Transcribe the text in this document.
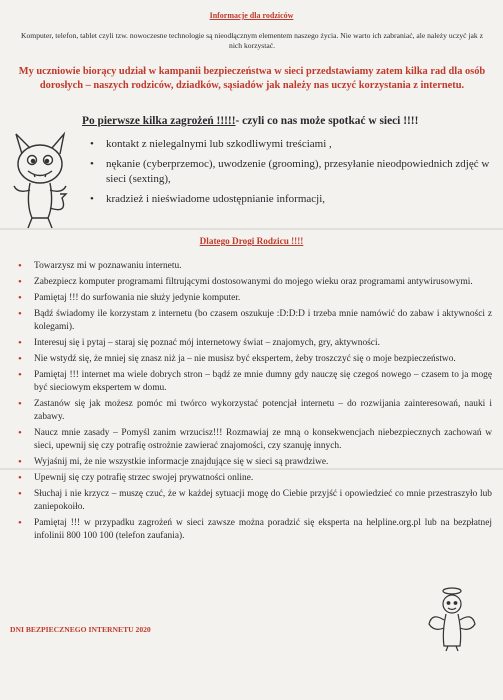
Informacje dla rodziców
Komputer, telefon, tablet czyli tzw. nowoczesne technologie są nieodłącznym elementem naszego życia. Nie warto ich zabraniać, ale należy uczyć jak z nich korzystać.
My uczniowie biorący udział w kampanii bezpieczeństwa w sieci przedstawiamy zatem kilka rad dla osób dorosłych – naszych rodziców, dziadków, sąsiadów jak należy nas uczyć korzystania z internetu.
Po pierwsze kilka zagrożeń !!!!!- czyli co nas może spotkać w sieci !!!!
• kontakt z nielegalnymi lub szkodliwymi treściami ,
• nękanie (cyberprzemoc), uwodzenie (grooming), przesyłanie nieodpowiednich zdjęć w sieci (sexting),
• kradzież i nieświadome udostępnianie informacji,
Dlatego Drogi Rodzicu !!!!
• Towarzysz mi w poznawaniu internetu.
• Zabezpiecz komputer programami filtrującymi dostosowanymi do mojego wieku oraz programami antywirusowymi.
• Pamiętaj !!! do surfowania nie służy jedynie komputer.
• Bądź świadomy ile korzystam z internetu (bo czasem oszukuje :D:D:D i trzeba mnie namówić do zabaw i aktywności z kolegami).
• Interesuj się i pytaj – staraj się poznać mój internetowy świat – znajomych, gry, aktywności.
• Nie wstydź się, że mniej się znasz niż ja – nie musisz być ekspertem, żeby troszczyć się o moje bezpieczeństwo.
• Pamiętaj !!! internet ma wiele dobrych stron – bądź ze mnie dumny gdy nauczę się czegoś nowego – czasem to ja mogę być sieciowym ekspertem w domu.
• Zastanów się jak możesz pomóc mi twórco wykorzystać potencjał internetu – do rozwijania zainteresowań, nauki i zabawy.
• Naucz mnie zasady – Pomyśl zanim wrzucisz!!! Rozmawiaj ze mną o konsekwencjach niebezpiecznych zachowań w sieci, upewnij się czy potrafię ostrożnie zawierać znajomości, czy szanuję innych.
• Wyjaśnij mi, że nie wszystkie informacje znajdujące się w sieci są prawdziwe.
• Upewnij się czy potrafię strzec swojej prywatności online.
• Słuchaj i nie krzycz – muszę czuć, że w każdej sytuacji mogę do Ciebie przyjść i opowiedzieć co mnie przestraszyło lub zaniepokoiło.
• Pamiętaj !!! w przypadku zagrożeń w sieci zawsze można poradzić się eksperta na helpline.org.pl lub na bezpłatnej infolinii 800 100 100 (telefon zaufania).
DNI BEZPIECZNEGO INTERNETU 2020
